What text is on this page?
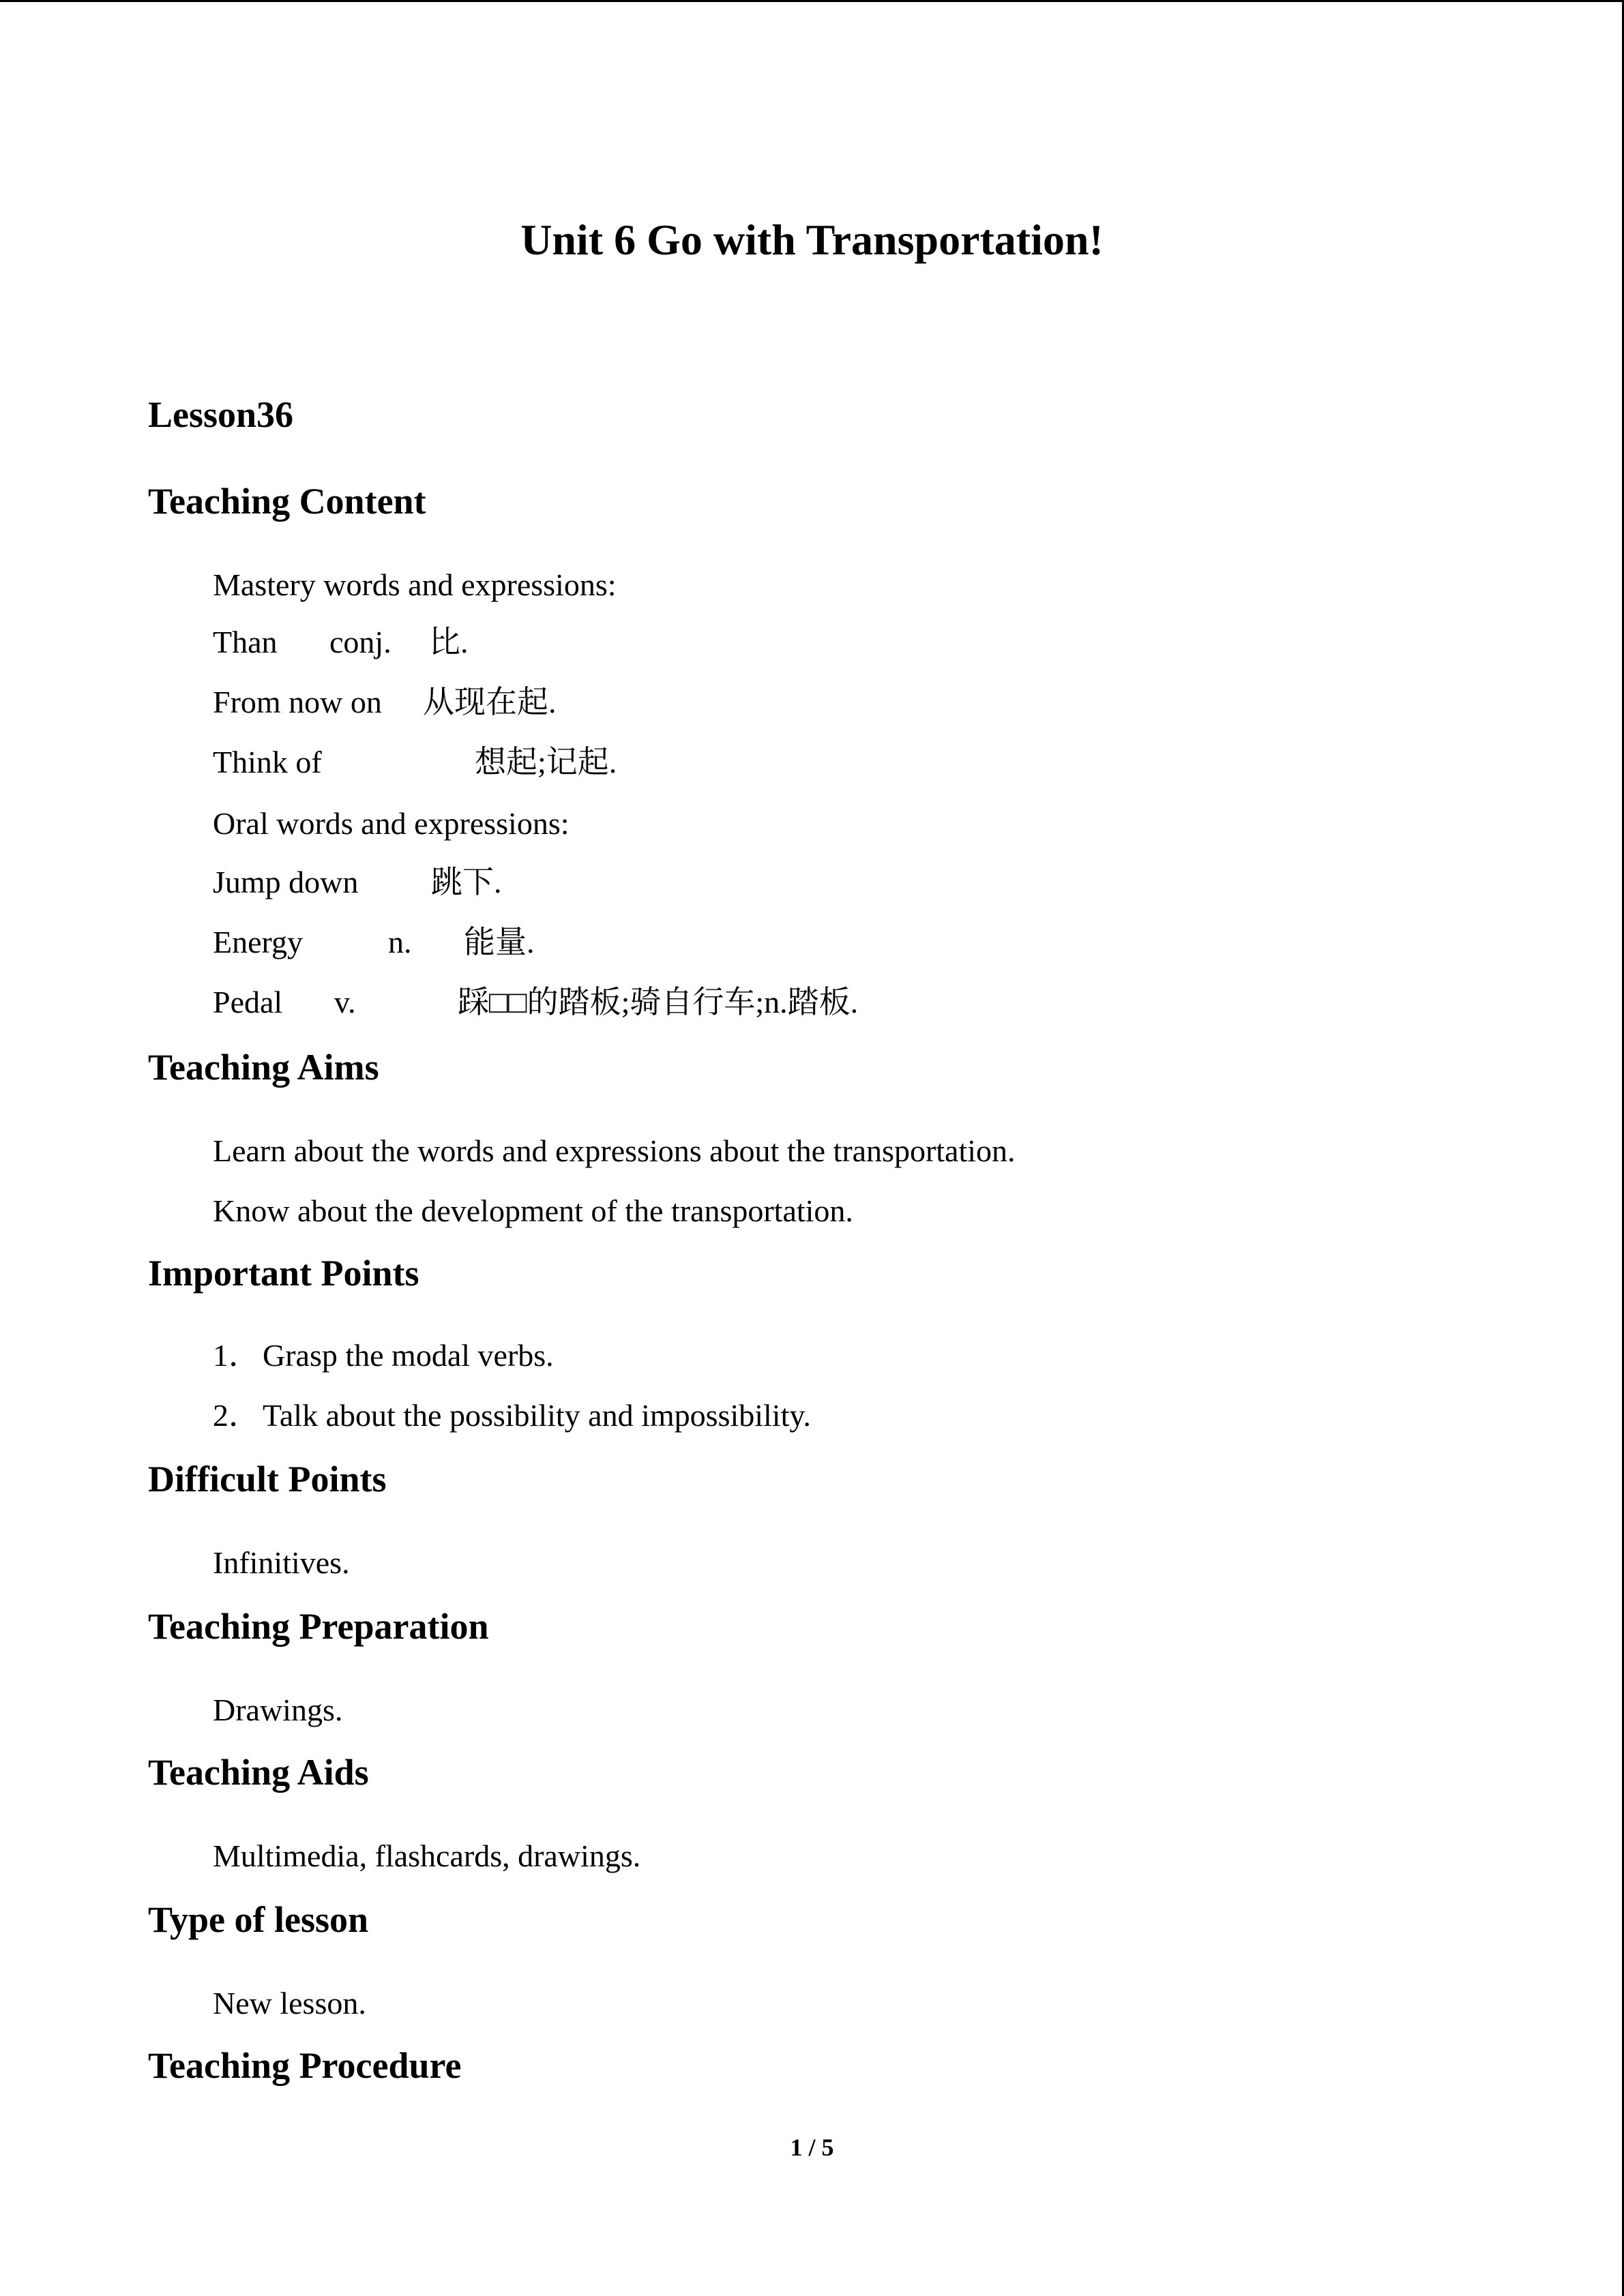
Unit 6 Go with Transportation!
Lesson36
Teaching Content
Mastery words and expressions:
Than conj. 比.
From now on 从现在起.
Think of	想起;记起.
Oral words and expressions:
Jump down 跳下.
Energy	n. 能量.
Pedal v.	踩□□的踏板;骑自行车;n.踏板.
Teaching Aims
Learn about the words and expressions about the transportation.
Know about the development of the transportation.
Important Points
1． Grasp the modal verbs.
2． Talk about the possibility and impossibility.
Difficult Points
Infinitives.
Teaching Preparation
Drawings.
Teaching Aids
Multimedia, flashcards, drawings.
Type of lesson
New lesson.
Teaching Procedure
1 / 5
